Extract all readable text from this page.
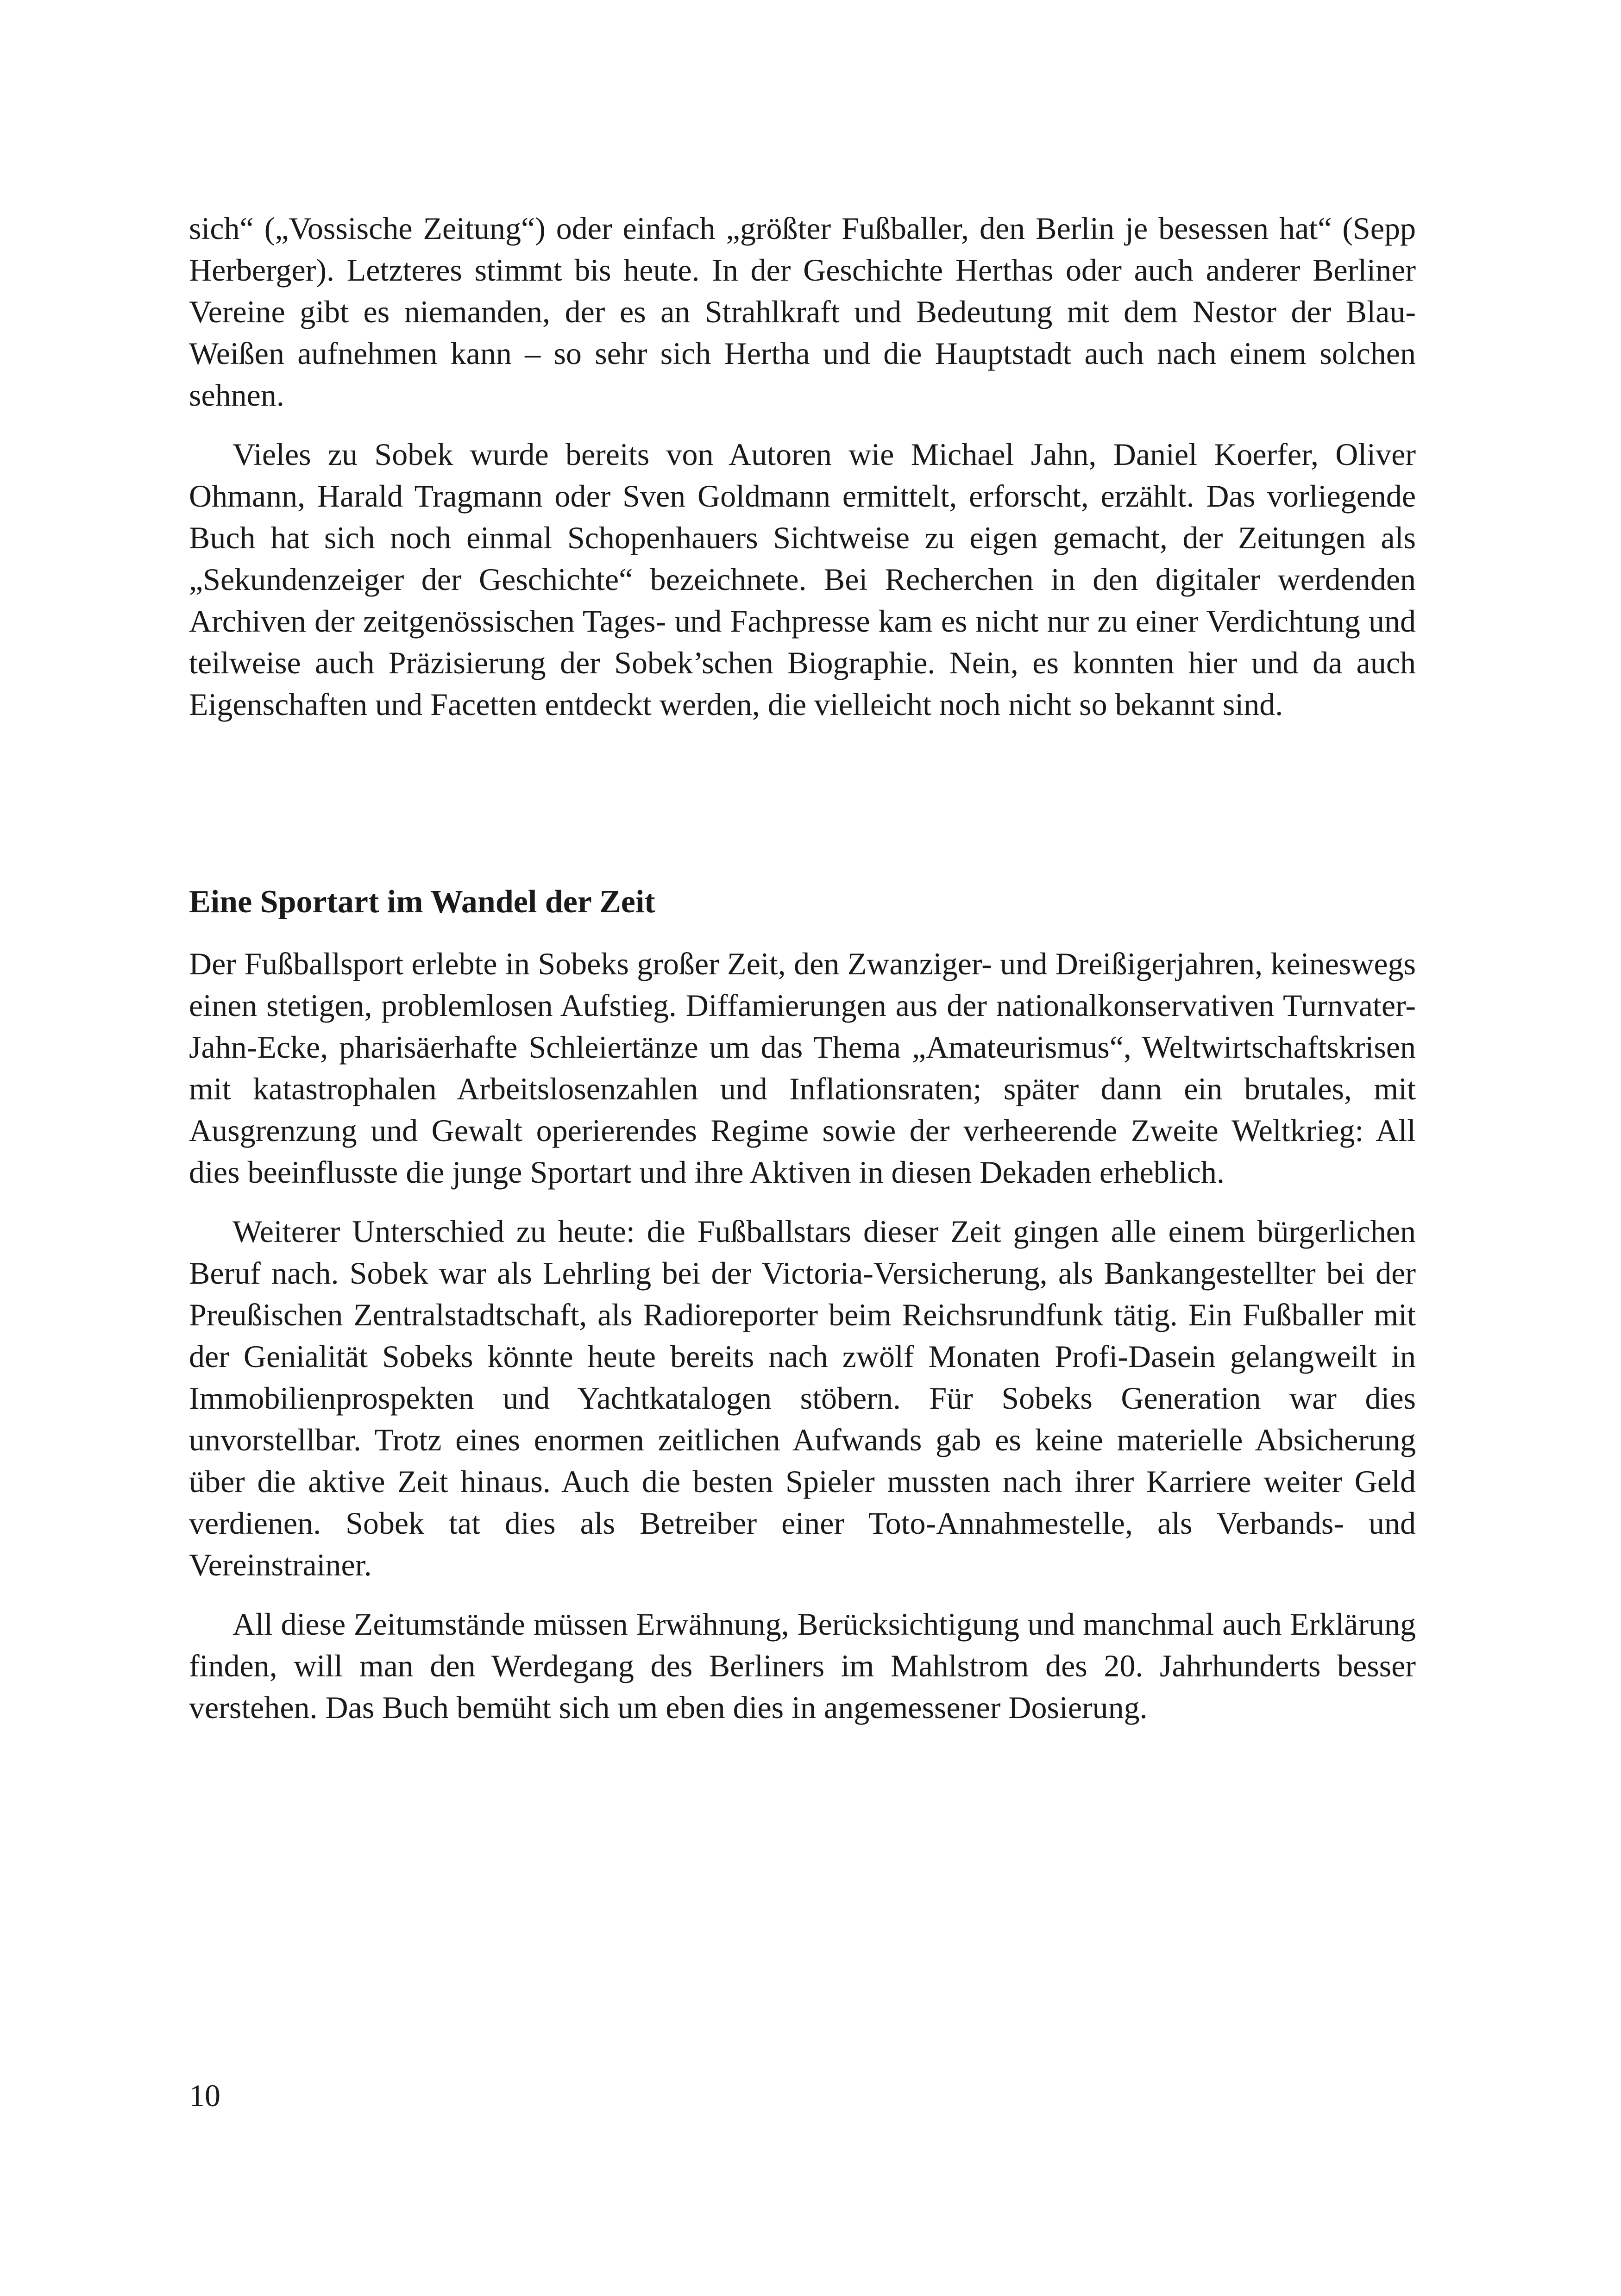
sich“ („Vossische Zeitung“) oder einfach „größter Fußballer, den Berlin je besessen hat“ (Sepp Herberger). Letzteres stimmt bis heute. In der Geschichte Herthas oder auch anderer Berliner Vereine gibt es niemanden, der es an Strahlkraft und Bedeutung mit dem Nestor der Blau-Weißen aufnehmen kann – so sehr sich Hertha und die Hauptstadt auch nach einem solchen sehnen.

Vieles zu Sobek wurde bereits von Autoren wie Michael Jahn, Daniel Koerfer, Oliver Ohmann, Harald Tragmann oder Sven Goldmann ermittelt, erforscht, erzählt. Das vorliegende Buch hat sich noch einmal Schopenhauers Sichtweise zu eigen gemacht, der Zeitungen als „Sekundenzeiger der Geschichte“ bezeichnete. Bei Recherchen in den digitaler werdenden Archiven der zeitgenössischen Tages- und Fachpresse kam es nicht nur zu einer Verdichtung und teilweise auch Präzisierung der Sobek’schen Biographie. Nein, es konnten hier und da auch Eigenschaften und Facetten entdeckt werden, die vielleicht noch nicht so bekannt sind.

Eine Sportart im Wandel der Zeit

Der Fußballsport erlebte in Sobeks großer Zeit, den Zwanziger- und Dreißigerjahren, keineswegs einen stetigen, problemlosen Aufstieg. Diffamierungen aus der nationalkonservativen Turnvater-Jahn-Ecke, pharisäerhafte Schleiertänze um das Thema „Amateurismus“, Weltwirtschaftskrisen mit katastrophalen Arbeitslosenzahlen und Inflationsraten; später dann ein brutales, mit Ausgrenzung und Gewalt operierendes Regime sowie der verheerende Zweite Weltkrieg: All dies beeinflusste die junge Sportart und ihre Aktiven in diesen Dekaden erheblich.

Weiterer Unterschied zu heute: die Fußballstars dieser Zeit gingen alle einem bürgerlichen Beruf nach. Sobek war als Lehrling bei der Victoria-Versicherung, als Bankangestellter bei der Preußischen Zentralstadtschaft, als Radioreporter beim Reichsrundfunk tätig. Ein Fußballer mit der Genialität Sobeks könnte heute bereits nach zwölf Monaten Profi-Dasein gelangweilt in Immobilienprospekten und Yachtkatalogen stöbern. Für Sobeks Generation war dies unvorstellbar. Trotz eines enormen zeitlichen Aufwands gab es keine materielle Absicherung über die aktive Zeit hinaus. Auch die besten Spieler mussten nach ihrer Karriere weiter Geld verdienen. Sobek tat dies als Betreiber einer Toto-Annahmestelle, als Verbands- und Vereinstrainer.

All diese Zeitumstände müssen Erwähnung, Berücksichtigung und manchmal auch Erklärung finden, will man den Werdegang des Berliners im Mahlstrom des 20. Jahrhunderts besser verstehen. Das Buch bemüht sich um eben dies in angemessener Dosierung.

10
